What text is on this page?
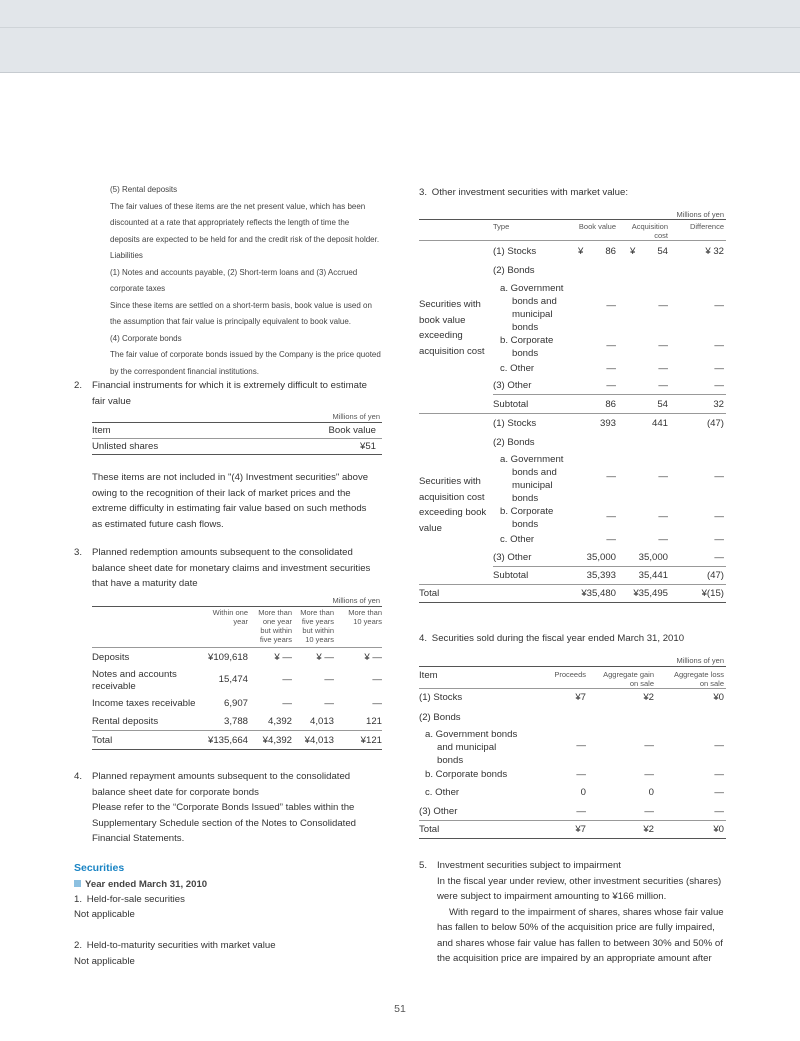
(5) Rental deposits
The fair values of these items are the net present value, which has been
discounted at a rate that appropriately reflects the length of time the
deposits are expected to be held for and the credit risk of the deposit holder.
Liabilities
(1) Notes and accounts payable, (2) Short-term loans and (3) Accrued
corporate taxes
Since these items are settled on a short-term basis, book value is used on
the assumption that fair value is principally equivalent to book value.
(4) Corporate bonds
The fair value of corporate bonds issued by the Company is the price quoted
by the correspondent financial institutions.
2. Financial instruments for which it is extremely difficult to estimate
fair value
Millions of yen
Item	Book value
Unlisted shares	¥51
These items are not included in "(4) Investment securities" above
owing to the recognition of their lack of market prices and the
extreme difficulty in estimating fair value based on such methods
as estimated future cash flows.
3. Planned redemption amounts subsequent to the consolidated
balance sheet date for monetary claims and investment securities
that have a maturity date
Millions of yen
Within one
year
More than
one year
but within
five years
More than
five years
but within
10 years
More than
10 years
Deposits	¥109,618	¥ —	¥ —	¥ —
Notes and accounts
receivable
15,474	—	—	—
Income taxes receivable	6,907	—	—	—
Rental deposits	3,788	4,392	4,013	121
Total	¥135,664	¥4,392	¥4,013	¥121
4. Planned repayment amounts subsequent to the consolidated
balance sheet date for corporate bonds
Please refer to the “Corporate Bonds Issued” tables within the
Supplementary Schedule section of the Notes to Consolidated
Financial Statements.
Securities
Year ended March 31, 2010
1. Held-for-sale securities
Not applicable
2. Held-to-maturity securities with market value
Not applicable
3. Other investment securities with market value:
Millions of yen
Type	Book value	Acquisition
cost
Difference
Securities with
book value
exceeding
acquisition cost
(1) Stocks	¥	86 ¥	54	¥ 32
(2) Bonds
a. Government
bonds and
municipal
bonds
—	—	—
b. Corporate
bonds
—	—	—
c. Other	—	—	—
(3) Other	—	—	—
Subtotal	86	54	32
Securities with
acquisition cost
exceeding book
value
(1) Stocks	393	441	(47)
(2) Bonds
a. Government
bonds and
municipal
bonds
—	—	—
b. Corporate
bonds
—	—	—
c. Other	—	—	—
(3) Other	35,000	35,000	—
Subtotal	35,393	35,441	(47)
Total	¥35,480	¥35,495	¥(15)
4. Securities sold during the fiscal year ended March 31, 2010
Millions of yen
Item	Proceeds	Aggregate gain
on sale
Aggregate loss
on sale
(1) Stocks	¥7	¥2	¥0
(2) Bonds
a. Government bonds
and municipal
bonds
—	—	—
b. Corporate bonds	—	—	—
c. Other	0	0	—
(3) Other	—	—	—
Total	¥7	¥2	¥0
5. Investment securities subject to impairment
In the fiscal year under review, other investment securities (shares)
were subject to impairment amounting to ¥166 million.
With regard to the impairment of shares, shares whose fair value
has fallen to below 50% of the acquisition price are fully impaired,
and shares whose fair value has fallen to between 30% and 50% of
the acquisition price are impaired by an appropriate amount after
51
